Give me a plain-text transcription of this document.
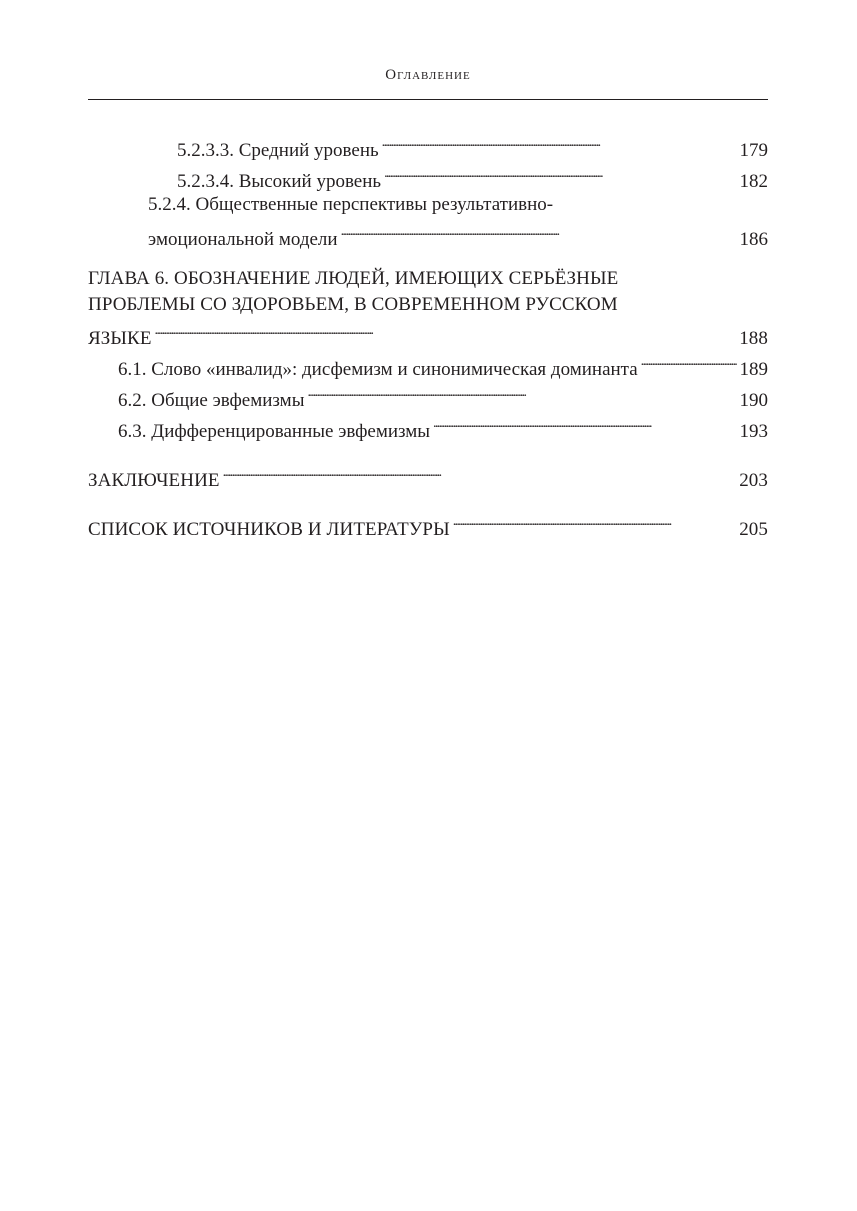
Оглавление
5.2.3.3. Средний уровень . . .	179
5.2.3.4. Высокий уровень . . .	182
5.2.4. Общественные перспективы результативно-
эмоциональной модели . . .	186
ГЛАВА 6. ОБОЗНАЧЕНИЕ ЛЮДЕЙ, ИМЕЮЩИХ СЕРЬЁЗНЫЕ
ПРОБЛЕМЫ СО ЗДОРОВЬЕМ, В СОВРЕМЕННОМ РУССКОМ
ЯЗЫКЕ . . .	188
6.1. Слово «инвалид»: дисфемизм и синонимическая доминанта . . .	189
6.2. Общие эвфемизмы . . .	190
6.3. Дифференцированные эвфемизмы . . .	193
ЗАКЛЮЧЕНИЕ . . .	203
СПИСОК ИСТОЧНИКОВ И ЛИТЕРАТУРЫ . . .	205
